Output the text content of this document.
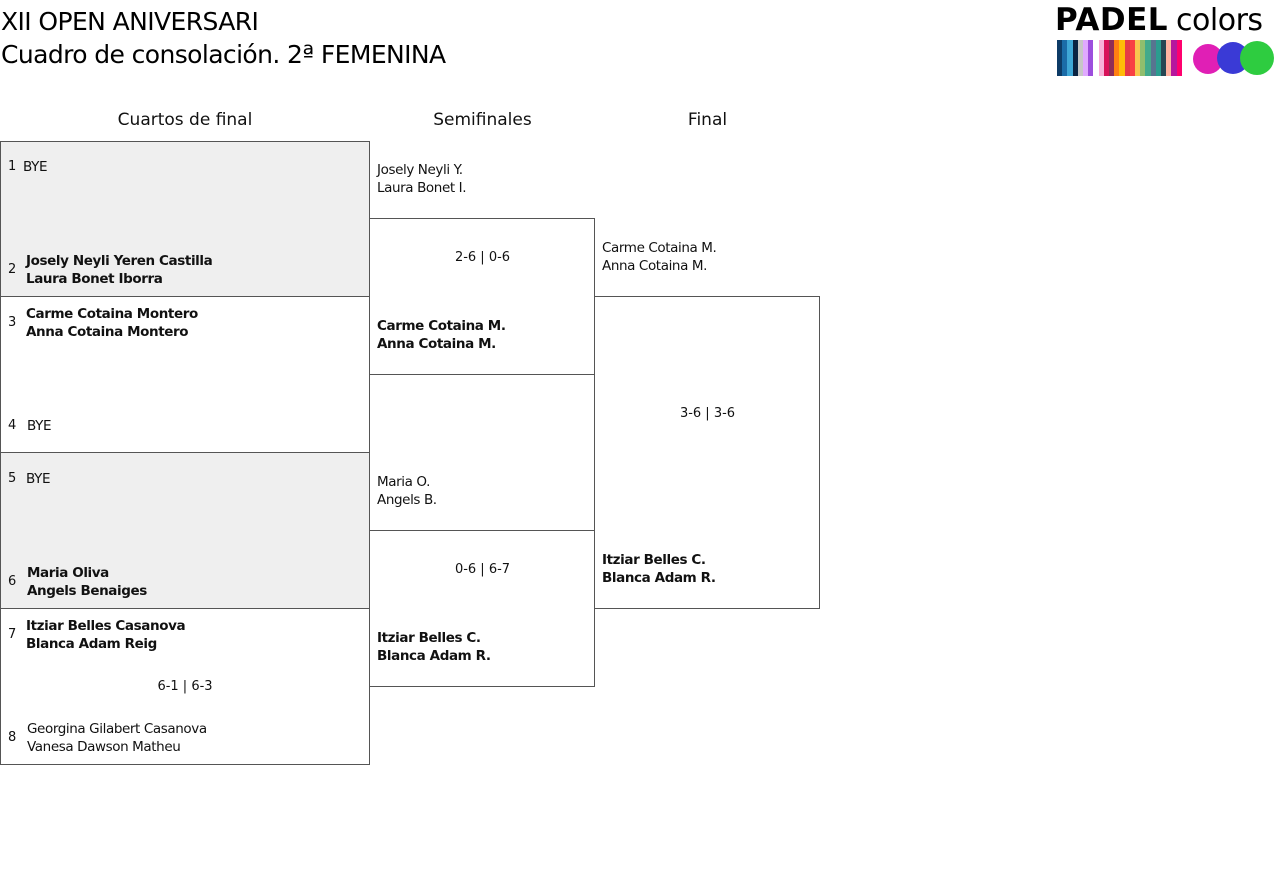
XII OPEN ANIVERSARI
Cuadro de consolación. 2ª FEMENINA
PADEL colors
Cuartos de final	Semifinales	Final
1
2
3
4
5
6
7
8
BYE
Josely Neyli Yeren Castilla
Laura Bonet Iborra
Carme Cotaina Montero
Anna Cotaina Montero
BYE
BYE
Maria Oliva
Angels Benaiges
Itziar Belles Casanova
Blanca Adam Reig
Georgina Gilabert Casanova
Vanesa Dawson Matheu
6-1 | 6-3
Josely Neyli Y.
Laura Bonet I.
Carme Cotaina M.
Anna Cotaina M.
Maria O.
Angels B.
Itziar Belles C.
Blanca Adam R.
2-6 | 0-6
0-6 | 6-7
Carme Cotaina M.
Anna Cotaina M.
Itziar Belles C.
Blanca Adam R.
3-6 | 3-6
